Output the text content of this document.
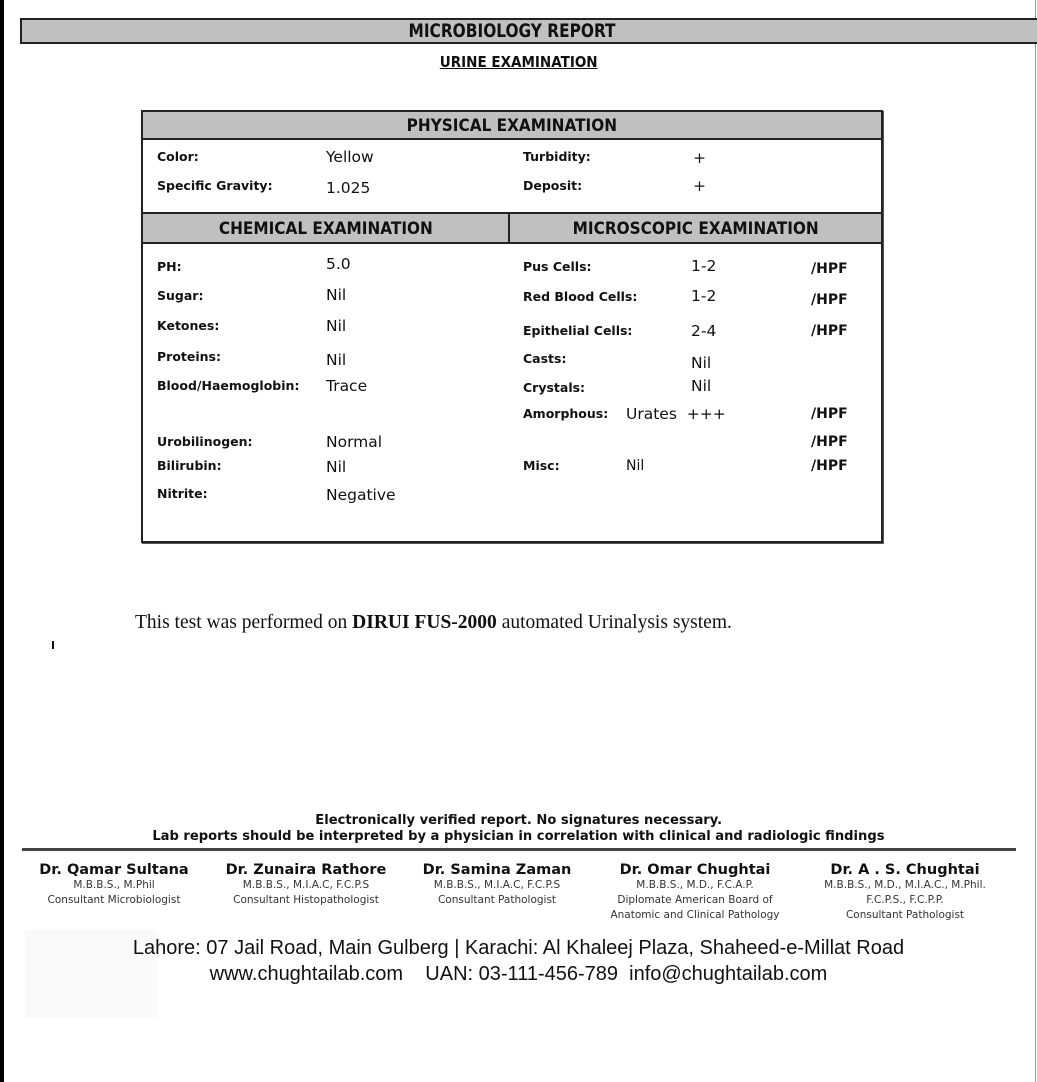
MICROBIOLOGY REPORT
URINE EXAMINATION
PHYSICAL EXAMINATION
Color:	Yellow
Specific Gravity:	1.025
Turbidity:	+
Deposit:	+
CHEMICAL EXAMINATION	MICROSCOPIC EXAMINATION
PH:	5.0
Sugar:	Nil
Ketones:	Nil
Proteins:	Nil
Blood/Haemoglobin: Trace
Urobilinogen:	Normal
Bilirubin:	Nil
Nitrite:	Negative
Pus Cells:	1-2	/HPF
Red Blood Cells:	1-2	/HPF
Epithelial Cells:	2-4	/HPF
Casts:	Nil
Crystals:	Nil
Amorphous: Urates  +++	/HPF
/HPF
Misc:	Nil	/HPF
This test was performed on DIRUI FUS-2000 automated Urinalysis system.
Electronically verified report. No signatures necessary.
Lab reports should be interpreted by a physician in correlation with clinical and radiologic findings
Dr. Qamar Sultana
M.B.B.S., M.Phil
Consultant Microbiologist
Dr. Zunaira Rathore
M.B.B.S., M.I.A.C, F.C.P.S
Consultant Histopathologist
Dr. Samina Zaman
M.B.B.S., M.I.A.C, F.C.P.S
Consultant Pathologist
Dr. Omar Chughtai
M.B.B.S., M.D., F.C.A.P.
Diplomate American Board of
Anatomic and Clinical Pathology
Dr. A . S. Chughtai
M.B.B.S., M.D., M.I.A.C., M.Phil.
F.C.P.S., F.C.P.P.
Consultant Pathologist
Lahore: 07 Jail Road, Main Gulberg | Karachi: Al Khaleej Plaza, Shaheed-e-Millat Road
www.chughtailab.com    UAN: 03-111-456-789  info@chughtailab.com
